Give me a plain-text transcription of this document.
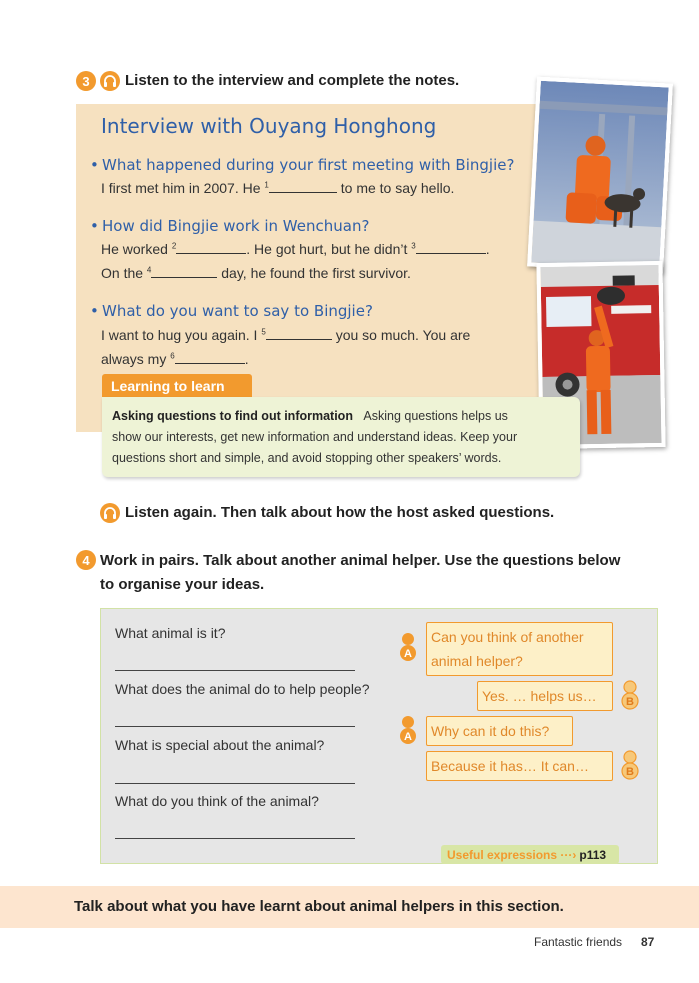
3	Listen to the interview and complete the notes.
Interview with Ouyang Honghong
• What happened during your first meeting with Bingjie?
I first met him in 2007. He $^1$	to me to say hello.
• How did Bingjie work in Wenchuan?
He worked $^2$	. He got hurt, but he didn’t $^3$	.
On the $^4$	day, he found the first survivor.
• What do you want to say to Bingjie?
I want to hug you again. I $^5$	you so much. You are
always my $^6$	.
Learning to learn
Asking questions to find out information Asking questions helps us
show our interests, get new information and understand ideas. Keep your
questions short and simple, and avoid stopping other speakers’ words.
Listen again. Then talk about how the host asked questions.
4 Work in pairs. Talk about another animal helper. Use the questions below
to organise your ideas.
What animal is it?
What does the animal do to help people?
What is special about the animal?
What do you think of the animal?
A
A
B
B
Can you think of another
animal helper?
Yes. … helps us…
Why can it do this?
Because it has… It can…
Useful expressions
···› p113
Talk about what you have learnt about animal helpers in this section.
Fantastic friends 87
